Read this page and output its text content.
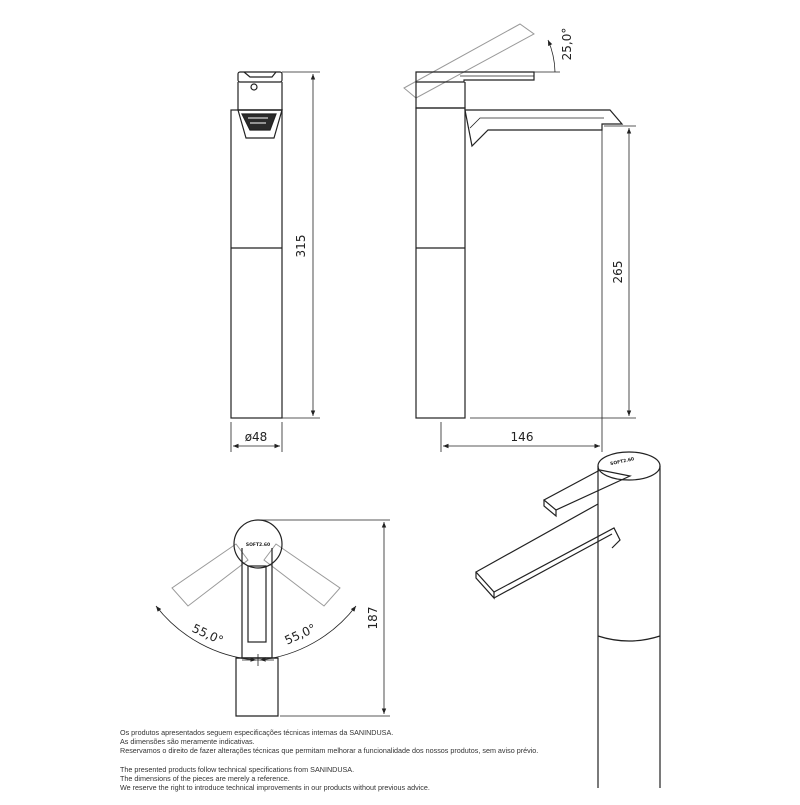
315
ø48
25,0°
265
146
SOFT2.60
55,0°	55,0°
187
SOFT2.60

Os produtos apresentados seguem especificações técnicas internas da SANINDUSA.

As dimensões são meramente indicativas.

Reservamos o direito de fazer alterações técnicas que permitam melhorar a funcionalidade dos nossos produtos, sem aviso prévio.

The presented products follow technical specifications from SANINDUSA.

The dimensions of the pieces are merely a reference.

We reserve the right to introduce technical improvements in our products without previous advice.
